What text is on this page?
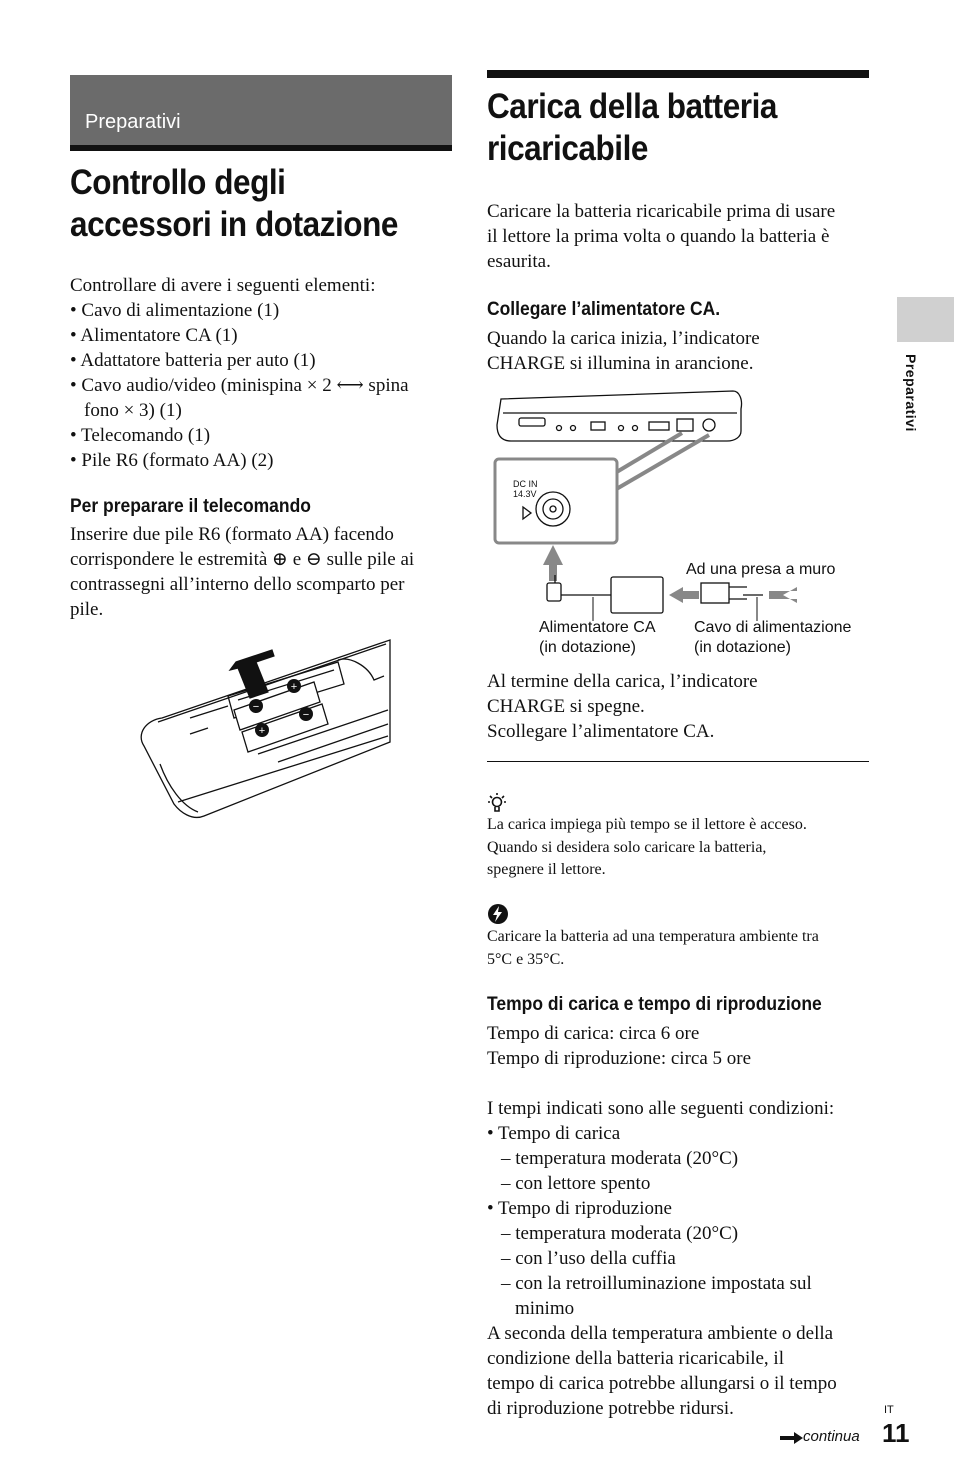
Preparativi
Preparativi
Controllo degli
accessori in dotazione
Controllare di avere i seguenti elementi:
• Cavo di alimentazione (1)
• Alimentatore CA (1)
• Adattatore batteria per auto (1)
• Cavo audio/video (minispina × 2 ⟷ spina
fono × 3) (1)
• Telecomando (1)
• Pile R6 (formato AA) (2)
Per preparare il telecomando
Inserire due pile R6 (formato AA) facendo
corrispondere le estremità ⊕ e ⊖ sulle pile ai
contrassegni all’interno dello scomparto per
pile.
−
+
+
−
Carica della batteria
ricaricabile
Caricare la batteria ricaricabile prima di usare
il lettore la prima volta o quando la batteria è
esaurita.
Collegare l’alimentatore CA.
Quando la carica inizia, l’indicatore
CHARGE si illumina in arancione.
DC IN
14.3V
Ad una presa a muro
Alimentatore CA
(in dotazione)
Cavo di alimentazione
(in dotazione)
Al termine della carica, l’indicatore
CHARGE si spegne.
Scollegare l’alimentatore CA.
La carica impiega più tempo se il lettore è acceso.
Quando si desidera solo caricare la batteria,
spegnere il lettore.
Caricare la batteria ad una temperatura ambiente tra
5°C e 35°C.
Tempo di carica e tempo di riproduzione
Tempo di carica: circa 6 ore
Tempo di riproduzione: circa 5 ore

I tempi indicati sono alle seguenti condizioni:
• Tempo di carica
– temperatura moderata (20°C)
– con lettore spento
• Tempo di riproduzione
– temperatura moderata (20°C)
– con l’uso della cuffia
– con la retroilluminazione impostata sul
minimo
A seconda della temperatura ambiente o della
condizione della batteria ricaricabile, il
tempo di carica potrebbe allungarsi o il tempo
di riproduzione potrebbe ridursi.
continua
IT
11
